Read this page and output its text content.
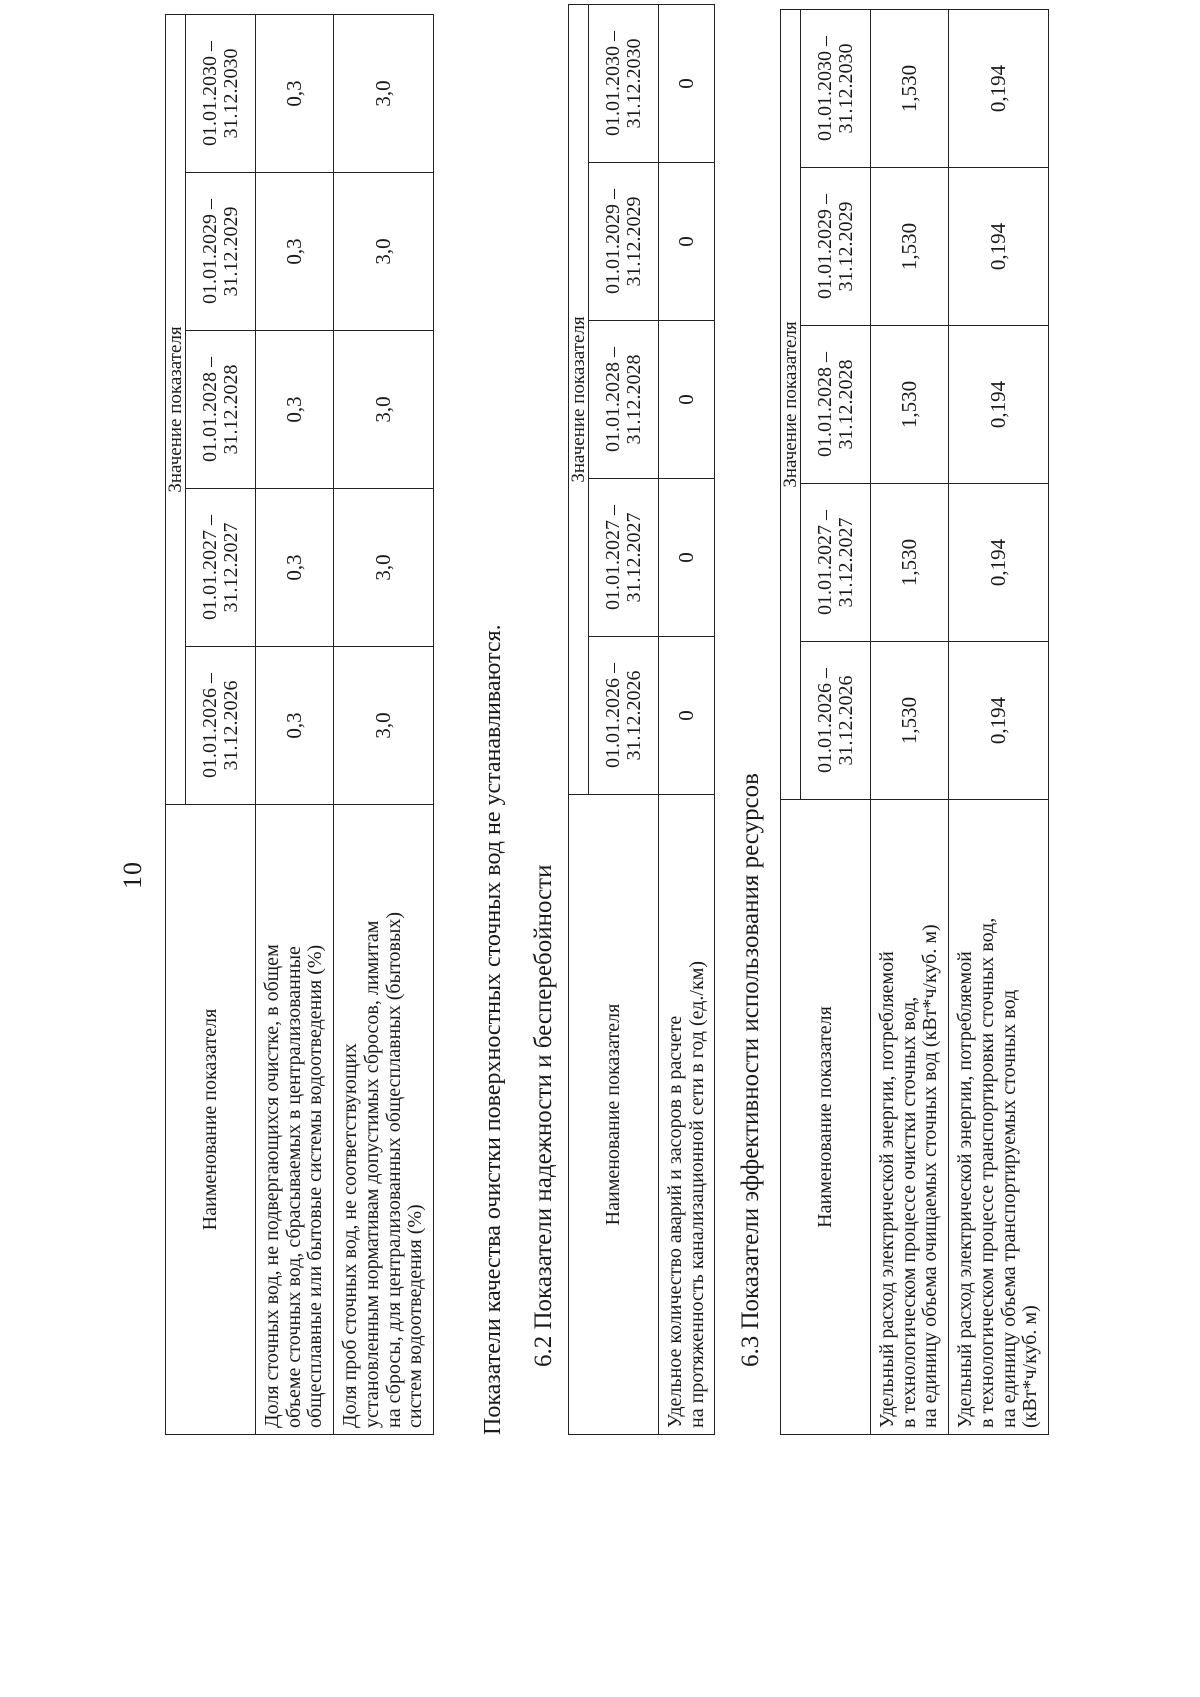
10
Наименование показателя	Значение показателя				

	01.01.2026 – 31.12.2026	01.01.2027 – 31.12.2027	01.01.2028 – 31.12.2028	01.01.2029 – 31.12.2029	01.01.2030 – 31.12.2030

Доля сточных вод, не подвергающихся очистке, в общем объеме сточных вод, сбрасываемых в централизованные общесплавные или бытовые системы водоотведения (%)	0,3	0,3	0,3	0,3	0,3

Доля проб сточных вод, не соответствующих установленным нормативам допустимых сбросов, лимитам на сбросы, для централизованных общесплавных (бытовых) систем водоотведения (%)	3,0	3,0	3,0	3,0	3,0
Показатели качества очистки поверхностных сточных вод не устанавливаются. 6.2 Показатели надежности и бесперебойности Наименование показателя	Значение показателя				

	01.01.2026 – 31.12.2026	01.01.2027 – 31.12.2027	01.01.2028 – 31.12.2028	01.01.2029 – 31.12.2029	01.01.2030 – 31.12.2030

Удельное количество аварий и засоров в расчете на протяженность канализационной сети в год (ед./км)	0	0	0	0	0
6.3 Показатели эффективности использования ресурсов Наименование показателя	Значение показателя				

	01.01.2026 – 31.12.2026	01.01.2027 – 31.12.2027	01.01.2028 – 31.12.2028	01.01.2029 – 31.12.2029	01.01.2030 – 31.12.2030

Удельный расход электрической энергии, потребляемой в технологическом процессе очистки сточных вод, на единицу объема очищаемых сточных вод (кВт*ч/куб. м)	1,530	1,530	1,530	1,530	1,530

Удельный расход электрической энергии, потребляемой в технологическом процессе транспортировки сточных вод, на единицу объема транспортируемых сточных вод (кВт*ч/куб. м)	0,194	0,194	0,194	0,194	0,194
